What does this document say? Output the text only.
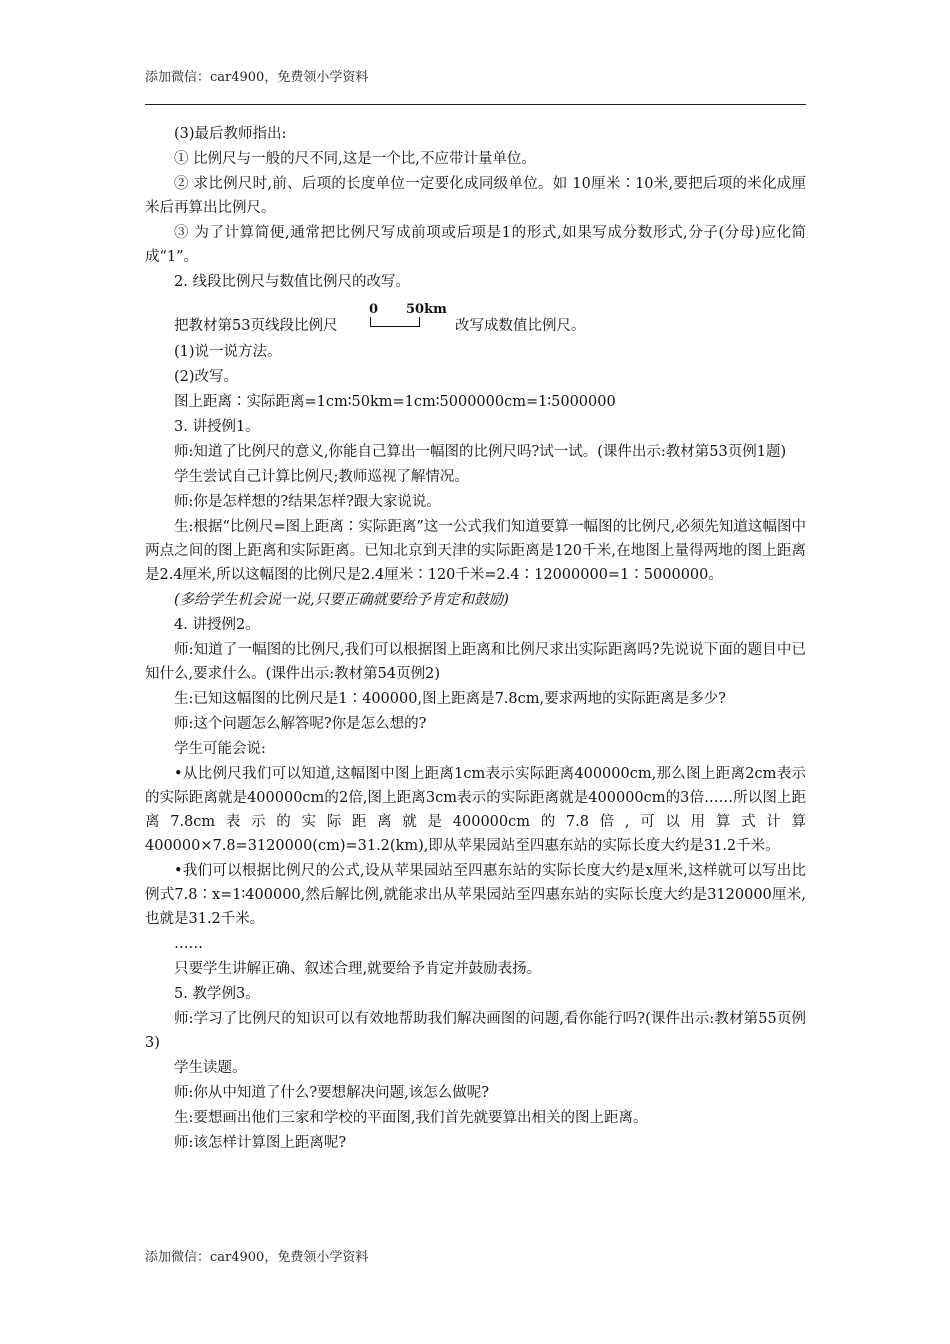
添加微信：car4900，免费领小学资料

(3)最后教师指出:

① 比例尺与一般的尺不同,这是一个比,不应带计量单位。

② 求比例尺时,前、后项的长度单位一定要化成同级单位。如 10厘米∶10米,要把后项的米化成厘米后再算出比例尺。

③ 为了计算简便,通常把比例尺写成前项或后项是1的形式,如果写成分数形式,分子(分母)应化简成“1”。

2. 线段比例尺与数值比例尺的改写。

把教材第53页线段比例尺
0 50km
改写成数值比例尺。

(1)说一说方法。

(2)改写。

图上距离∶实际距离=1cm∶50km=1cm∶5000000cm=1∶5000000

3. 讲授例1。

师:知道了比例尺的意义,你能自己算出一幅图的比例尺吗?试一试。(课件出示:教材第53页例1题)

学生尝试自己计算比例尺;教师巡视了解情况。

师:你是怎样想的?结果怎样?跟大家说说。

生:根据“比例尺=图上距离∶实际距离”这一公式我们知道要算一幅图的比例尺,必须先知道这幅图中两点之间的图上距离和实际距离。已知北京到天津的实际距离是120千米,在地图上量得两地的图上距离是2.4厘米,所以这幅图的比例尺是2.4厘米∶120千米=2.4∶12000000=1∶5000000。

(多给学生机会说一说,只要正确就要给予肯定和鼓励)

4. 讲授例2。

师:知道了一幅图的比例尺,我们可以根据图上距离和比例尺求出实际距离吗?先说说下面的题目中已知什么,要求什么。(课件出示:教材第54页例2)

生:已知这幅图的比例尺是1∶400000,图上距离是7.8cm,要求两地的实际距离是多少?

师:这个问题怎么解答呢?你是怎么想的?

学生可能会说:

•从比例尺我们可以知道,这幅图中图上距离1cm表示实际距离400000cm,那么图上距离2cm表示的实际距离就是400000cm的2倍,图上距离3cm表示的实际距离就是400000cm的3倍……所以图上距离7.8cm表示的实际距离就是400000cm的7.8倍,可以用算式计算400000×7.8=3120000(cm)=31.2(km),即从苹果园站至四惠东站的实际长度大约是31.2千米。

•我们可以根据比例尺的公式,设从苹果园站至四惠东站的实际长度大约是x厘米,这样就可以写出比例式7.8∶x=1∶400000,然后解比例,就能求出从苹果园站至四惠东站的实际长度大约是3120000厘米,也就是31.2千米。

……

只要学生讲解正确、叙述合理,就要给予肯定并鼓励表扬。

5. 教学例3。

师:学习了比例尺的知识可以有效地帮助我们解决画图的问题,看你能行吗?(课件出示:教材第55页例3)

学生读题。

师:你从中知道了什么?要想解决问题,该怎么做呢?

生:要想画出他们三家和学校的平面图,我们首先就要算出相关的图上距离。

师:该怎样计算图上距离呢?

添加微信：car4900，免费领小学资料
